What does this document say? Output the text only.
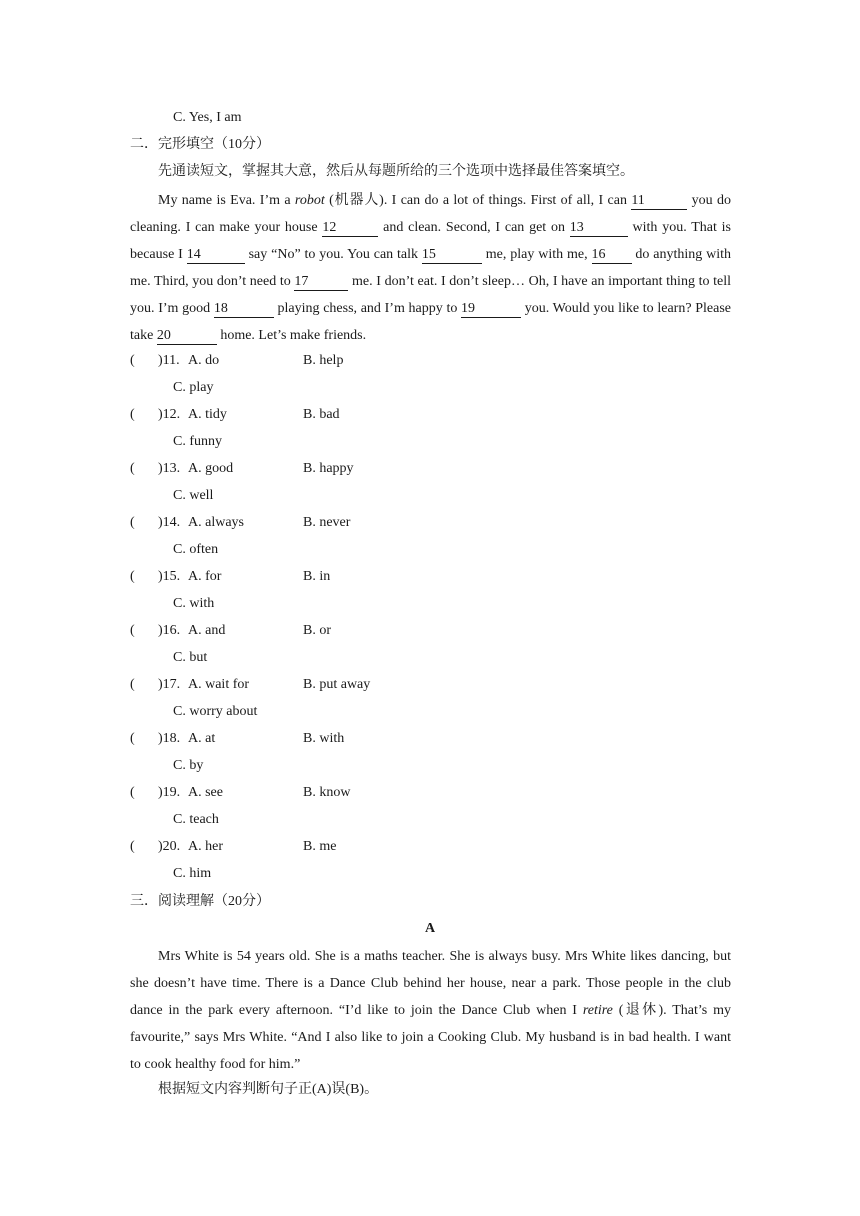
C. Yes, I am
二．完形填空（10分）
先通读短文，掌握其大意，然后从每题所给的三个选项中选择最佳答案填空。
My name is Eva. I’m a robot (机器人). I can do a lot of things. First of all, I can 11	you do cleaning. I can make your house 12	and clean. Second, I can get on 13	with you. That is because I 14	say “No” to you. You can talk 15	me, play with me, 16 do anything with me. Third, you don’t need to 17	me. I don’t eat. I don’t sleep… Oh, I have an important thing to tell you. I’m good 18	playing chess, and I’m happy to 19	you. Would you like to learn? Please take 20	home. Let’s make friends.
( )11. A. do	B. help
C. play
( )12. A. tidy	B. bad
C. funny
( )13. A. good	B. happy
C. well
( )14. A. always	B. never
C. often
( )15. A. for	B. in
C. with
( )16. A. and	B. or
C. but
( )17. A. wait for	B. put away
C. worry about
( )18. A. at	B. with
C. by
( )19. A. see	B. know
C. teach
( )20. A. her	B. me
C. him
三．阅读理解（20分）
A
Mrs White is 54 years old. She is a maths teacher. She is always busy. Mrs White likes dancing, but she doesn’t have time. There is a Dance Club behind her house, near a park. Those people in the club dance in the park every afternoon. “I’d like to join the Dance Club when I retire (退休). That’s my favourite,” says Mrs White. “And I also like to join a Cooking Club. My husband is in bad health. I want to cook healthy food for him.”
根据短文内容判断句子正(A)误(B)。
